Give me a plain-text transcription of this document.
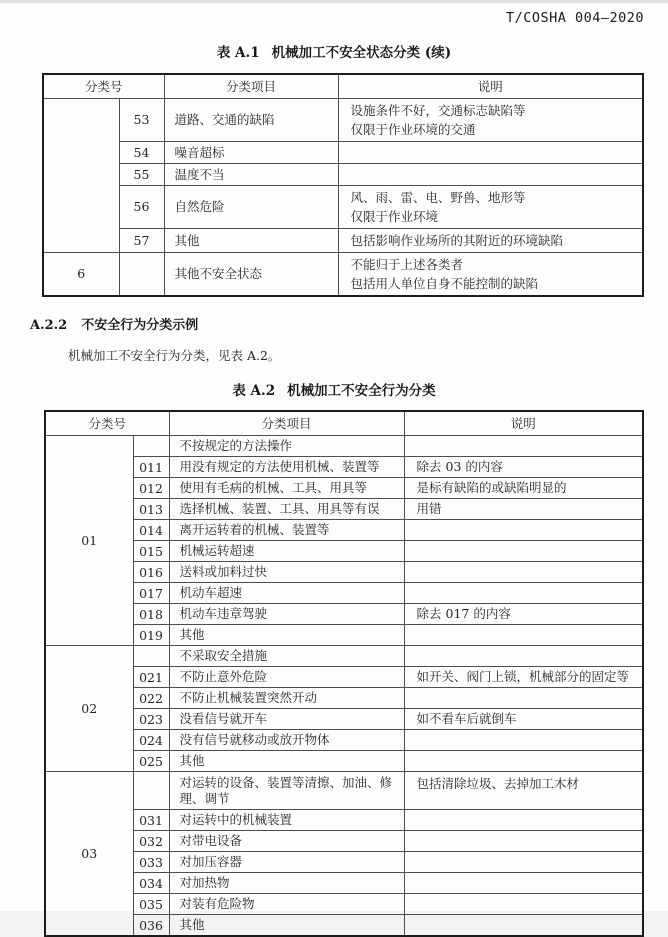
T/COSHA 004—2020
表 A.1 机械加工不安全状态分类 (续)
分类号		分类项目	说明
	53	道路、交通的缺陷	设施条件不好，交通标志缺陷等
仅限于作业环境的交通

	54	噪音超标	
	55	温度不当	
	56	自然危险	风、雨、雷、电、野兽、地形等
仅限于作业环境

	57	其他	包括影响作业场所的其附近的环境缺陷

6		其他不安全状态	不能归于上述各类者
包括用人单位自身不能控制的缺陷
A.2.2 不安全行为分类示例
机械加工不安全行为分类，见表 A.2。
表 A.2 机械加工不安全行为分类
分类号		分类项目	说明
01		不按规定的方法操作	
	011	用没有规定的方法使用机械、装置等	除去 03 的内容
	012	使用有毛病的机械、工具、用具等	是标有缺陷的或缺陷明显的
	013	选择机械、装置、工具、用具等有误	用错
	014	离开运转着的机械、装置等	
	015	机械运转超速	
	016	送料或加料过快	
	017	机动车超速	
	018	机动车违章驾驶	除去 017 的内容
	019	其他	
02		不采取安全措施	
	021	不防止意外危险	如开关、阀门上锁，机械部分的固定等
	022	不防止机械装置突然开动	
	023	没看信号就开车	如不看车后就倒车
	024	没有信号就移动或放开物体	
	025	其他	
03		对运转的设备、装置等清擦、加油、修理、调节	包括清除垃圾、去掉加工木材
	031	对运转中的机械装置	
	032	对带电设备	
	033	对加压容器	
	034	对加热物	
	035	对装有危险物	
	036	其他	
